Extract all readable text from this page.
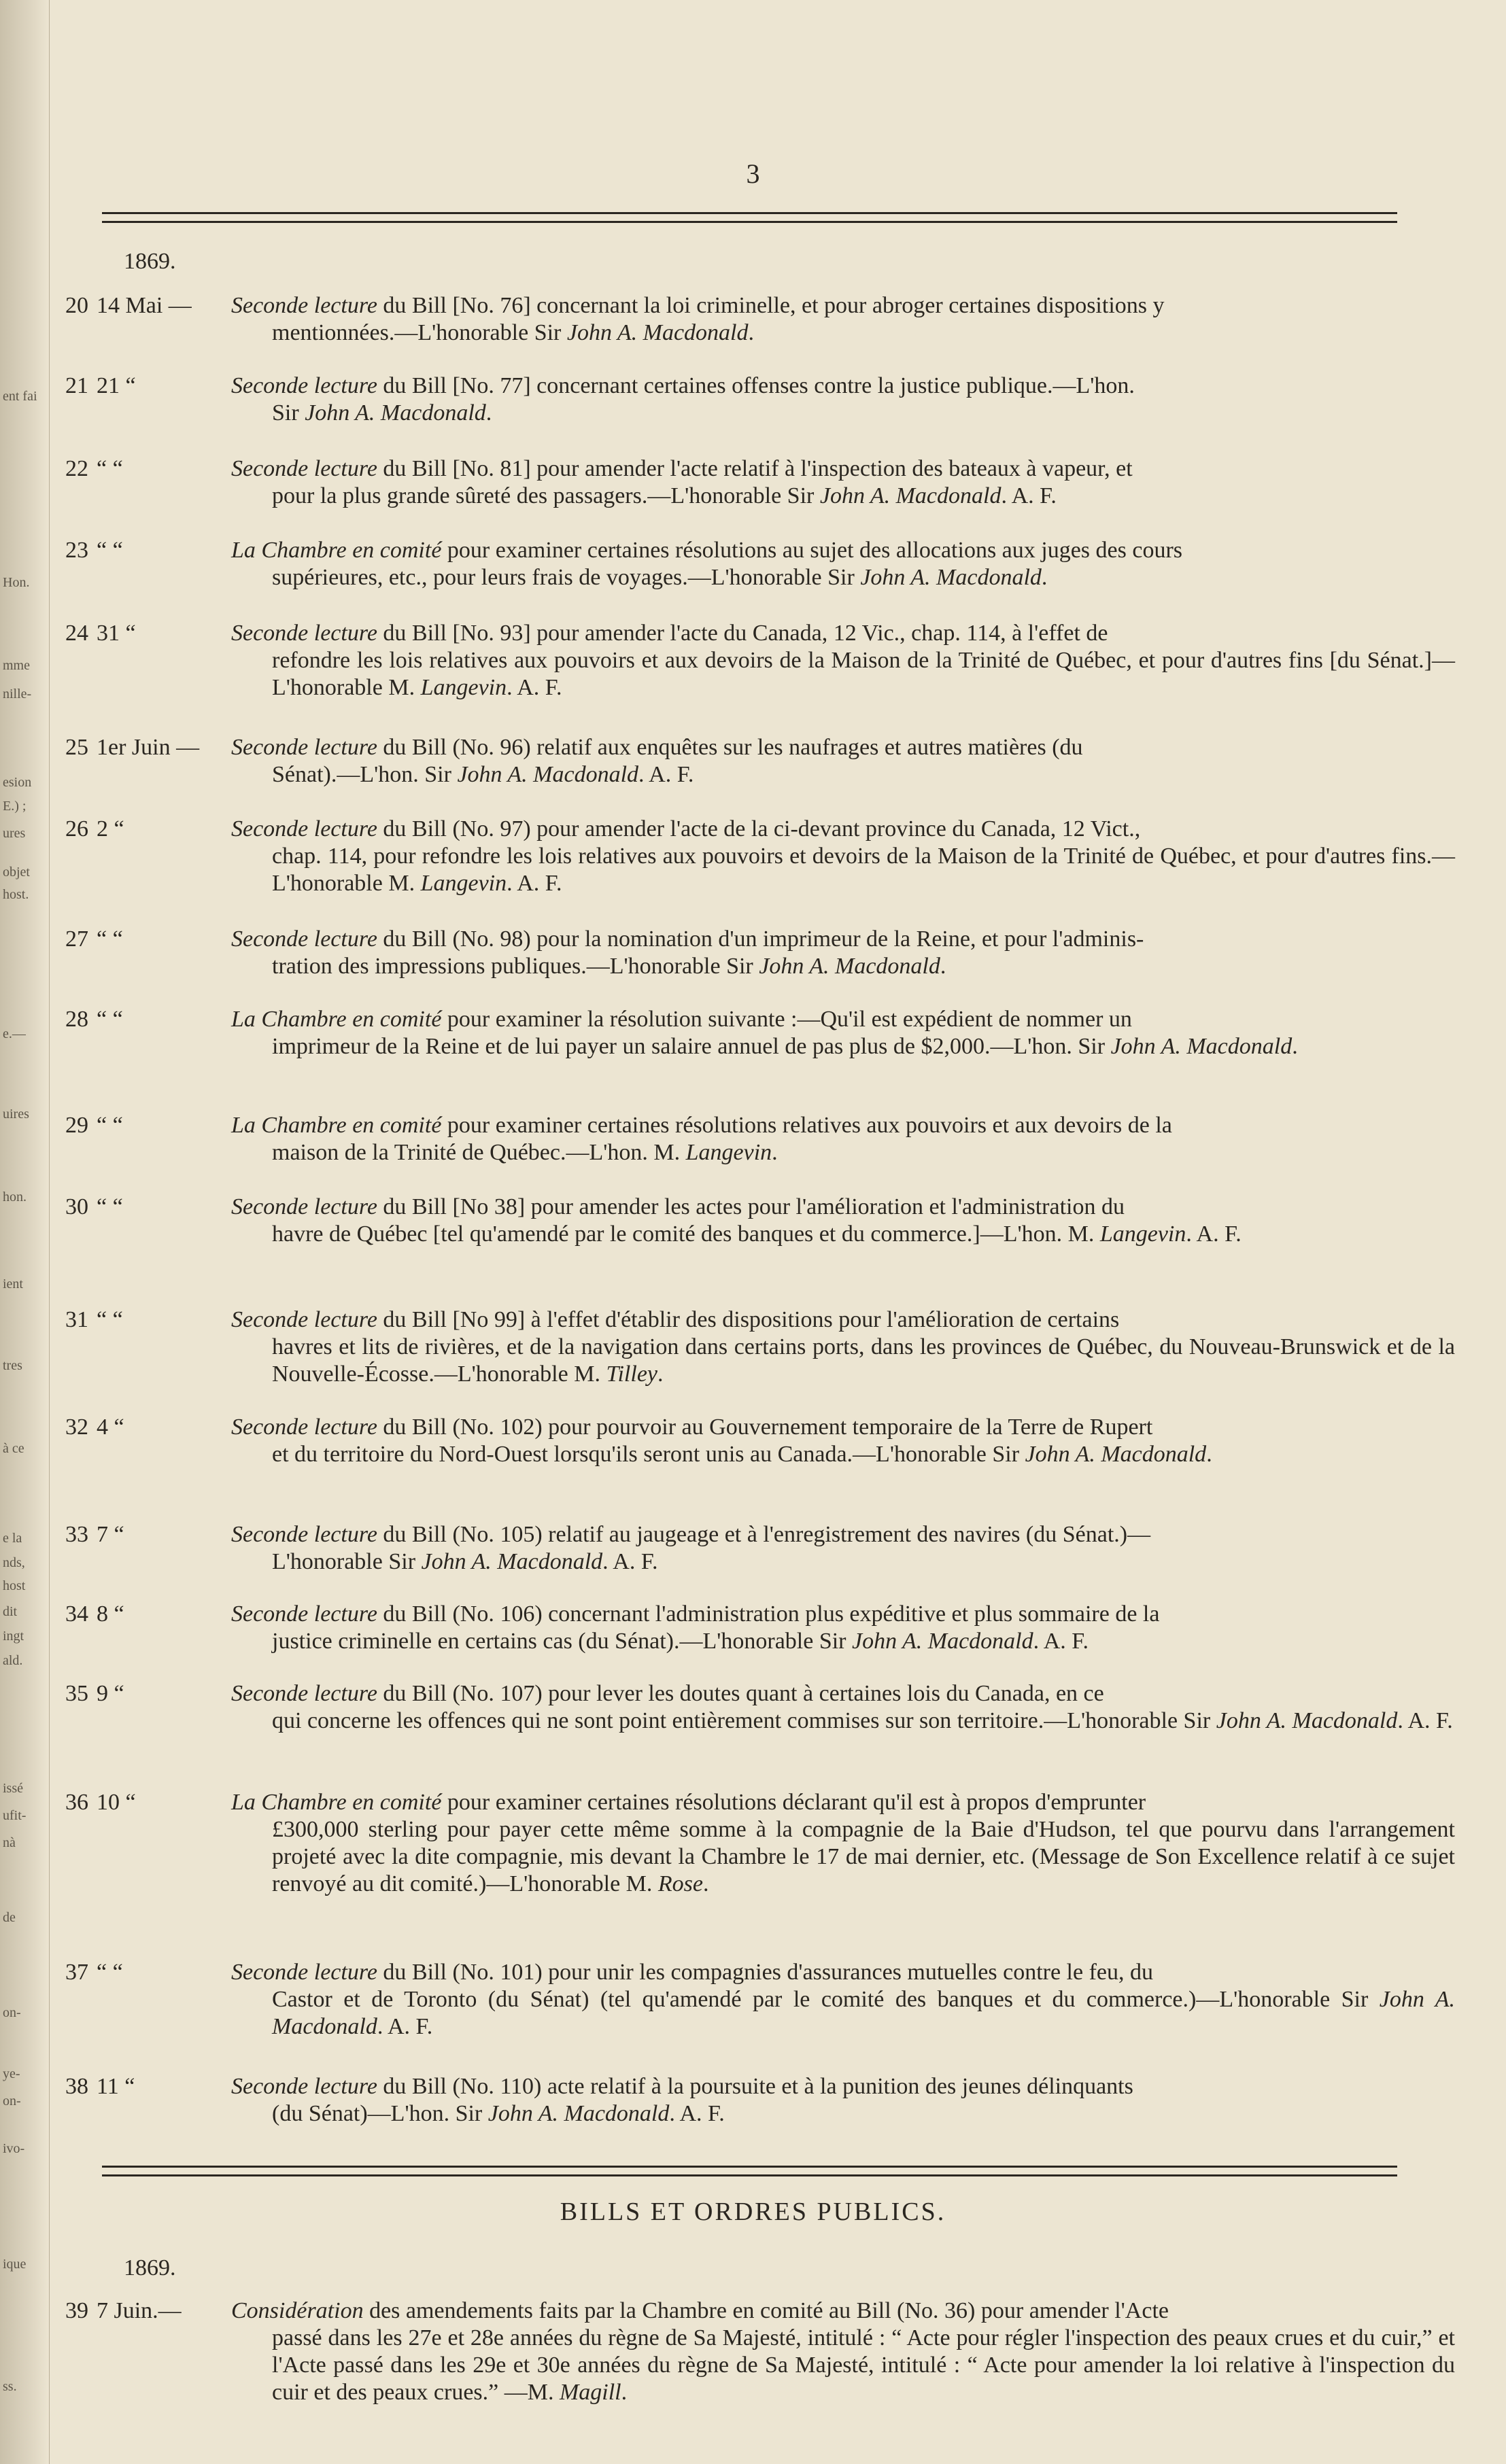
ent fai
Hon.
mme
nille-
esion
E.) ;
ures
objet
host.
e.—
uires
hon.
ient
tres
à ce
e la
nds,
host
dit
ingt
ald.
issé
ufit-
nà
de
on-
ye-
on-
ivo-
ique
ss.
3
1869.
20 14 Mai —	Seconde lecture du Bill [No. 76] concernant la loi criminelle, et pour abroger certaines dispositions y
mentionnées.—L'honorable Sir John A. Macdonald.
21 21 “	Seconde lecture du Bill [No. 77] concernant certaines offenses contre la justice publique.—L'hon.
Sir John A. Macdonald.
22 “ “	Seconde lecture du Bill [No. 81] pour amender l'acte relatif à l'inspection des bateaux à vapeur, et
pour la plus grande sûreté des passagers.—L'honorable Sir John A. Macdonald. A. F.
23 “ “	La Chambre en comité pour examiner certaines résolutions au sujet des allocations aux juges des cours
supérieures, etc., pour leurs frais de voyages.—L'honorable Sir John A. Macdonald.
24 31 “	Seconde lecture du Bill [No. 93] pour amender l'acte du Canada, 12 Vic., chap. 114, à l'effet de
refondre les lois relatives aux pouvoirs et aux devoirs de la Maison de la Trinité de Québec, et pour d'autres fins [du Sénat.]—L'honorable M. Langevin. A. F.
25 1er Juin —	Seconde lecture du Bill (No. 96) relatif aux enquêtes sur les naufrages et autres matières (du
Sénat).—L'hon. Sir John A. Macdonald. A. F.
26 2 “	Seconde lecture du Bill (No. 97) pour amender l'acte de la ci-devant province du Canada, 12 Vict.,
chap. 114, pour refondre les lois relatives aux pouvoirs et devoirs de la Maison de la Trinité de Québec, et pour d'autres fins.—L'honorable M. Langevin. A. F.
27 “ “	Seconde lecture du Bill (No. 98) pour la nomination d'un imprimeur de la Reine, et pour l'adminis-
tration des impressions publiques.—L'honorable Sir John A. Macdonald.
28 “ “	La Chambre en comité pour examiner la résolution suivante :—Qu'il est expédient de nommer un
imprimeur de la Reine et de lui payer un salaire annuel de pas plus de $2,000.—L'hon. Sir John A. Macdonald.
29 “ “	La Chambre en comité pour examiner certaines résolutions relatives aux pouvoirs et aux devoirs de la
maison de la Trinité de Québec.—L'hon. M. Langevin.
30 “ “	Seconde lecture du Bill [No 38] pour amender les actes pour l'amélioration et l'administration du
havre de Québec [tel qu'amendé par le comité des banques et du commerce.]—L'hon. M. Langevin. A. F.
31 “ “	Seconde lecture du Bill [No 99] à l'effet d'établir des dispositions pour l'amélioration de certains
havres et lits de rivières, et de la navigation dans certains ports, dans les provinces de Québec, du Nouveau-Brunswick et de la Nouvelle-Écosse.—L'honorable M. Tilley.
32 4 “	Seconde lecture du Bill (No. 102) pour pourvoir au Gouvernement temporaire de la Terre de Rupert
et du territoire du Nord-Ouest lorsqu'ils seront unis au Canada.—L'honorable Sir John A. Macdonald.
33 7 “	Seconde lecture du Bill (No. 105) relatif au jaugeage et à l'enregistrement des navires (du Sénat.)—
L'honorable Sir John A. Macdonald. A. F.
34 8 “	Seconde lecture du Bill (No. 106) concernant l'administration plus expéditive et plus sommaire de la
justice criminelle en certains cas (du Sénat).—L'honorable Sir John A. Macdonald. A. F.
35 9 “	Seconde lecture du Bill (No. 107) pour lever les doutes quant à certaines lois du Canada, en ce
qui concerne les offences qui ne sont point entièrement commises sur son territoire.—L'honorable Sir John A. Macdonald. A. F.
36 10 “	La Chambre en comité pour examiner certaines résolutions déclarant qu'il est à propos d'emprunter
£300,000 sterling pour payer cette même somme à la compagnie de la Baie d'Hudson, tel que pourvu dans l'arrangement projeté avec la dite compagnie, mis devant la Chambre le 17 de mai dernier, etc. (Message de Son Excellence relatif à ce sujet renvoyé au dit comité.)—L'honorable M. Rose.
37 “ “	Seconde lecture du Bill (No. 101) pour unir les compagnies d'assurances mutuelles contre le feu, du
Castor et de Toronto (du Sénat) (tel qu'amendé par le comité des banques et du commerce.)—L'honorable Sir John A. Macdonald. A. F.
38 11 “	Seconde lecture du Bill (No. 110) acte relatif à la poursuite et à la punition des jeunes délinquants
(du Sénat)—L'hon. Sir John A. Macdonald. A. F.
BILLS ET ORDRES PUBLICS.
1869.
39 7 Juin.—	Considération des amendements faits par la Chambre en comité au Bill (No. 36) pour amender l'Acte
passé dans les 27e et 28e années du règne de Sa Majesté, intitulé : “ Acte pour régler l'inspection des peaux crues et du cuir,” et l'Acte passé dans les 29e et 30e années du règne de Sa Majesté, intitulé : “ Acte pour amender la loi relative à l'inspection du cuir et des peaux crues.” —M. Magill.
